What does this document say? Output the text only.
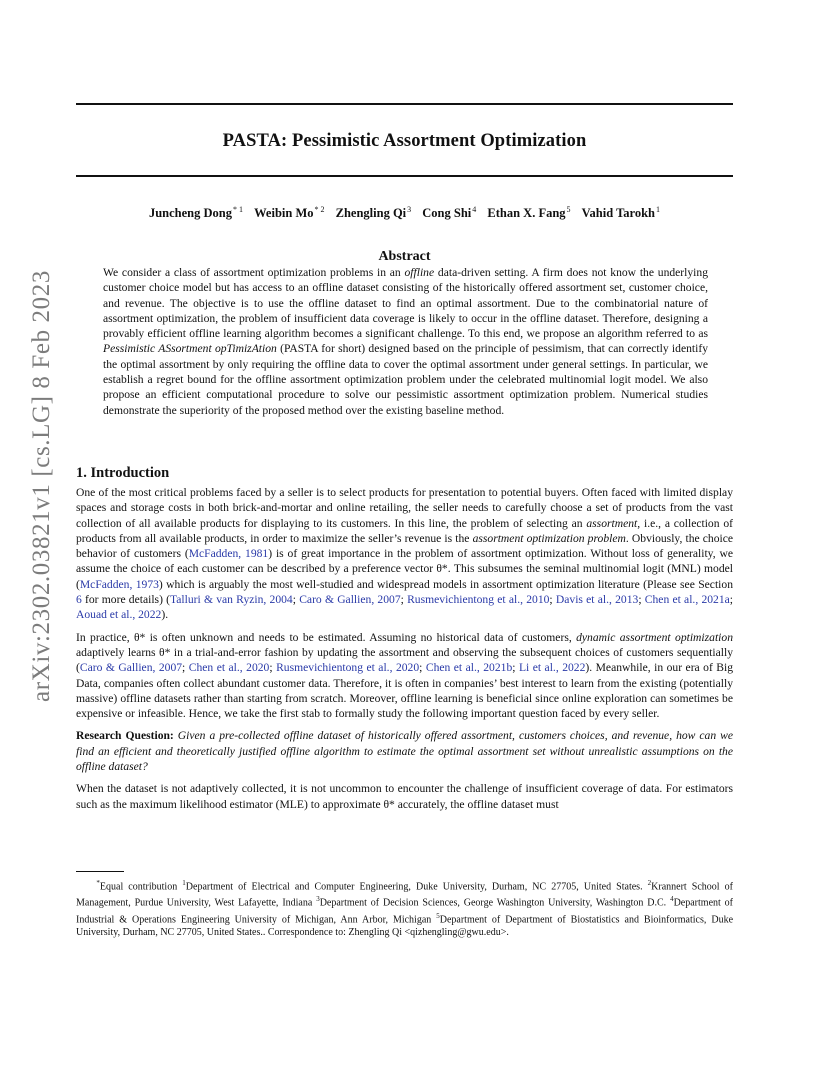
arXiv:2302.03821v1 [cs.LG] 8 Feb 2023
PASTA: Pessimistic Assortment Optimization
Juncheng Dong$^{* 1}$ Weibin Mo$^{* 2}$ Zhengling Qi$^3$ Cong Shi$^4$ Ethan X. Fang$^5$ Vahid Tarokh$^1$
Abstract

We consider a class of assortment optimization problems in an offline data-driven setting. A firm does not know the underlying customer choice model but has access to an offline dataset consisting of the historically offered assortment set, customer choice, and revenue. The objective is to use the offline dataset to find an optimal assortment. Due to the combinatorial nature of assortment optimization, the problem of insufficient data coverage is likely to occur in the offline dataset. Therefore, designing a provably efficient offline learning algorithm becomes a significant challenge. To this end, we propose an algorithm referred to as Pessimistic ASsortment opTimizAtion (PASTA for short) designed based on the principle of pessimism, that can correctly identify the optimal assortment by only requiring the offline data to cover the optimal assortment under general settings. In particular, we establish a regret bound for the offline assortment optimization problem under the celebrated multinomial logit model. We also propose an efficient computational procedure to solve our pessimistic assortment optimization problem. Numerical studies demonstrate the superiority of the proposed method over the existing baseline method.

1. Introduction

One of the most critical problems faced by a seller is to select products for presentation to potential buyers. Often faced with limited display spaces and storage costs in both brick-and-mortar and online retailing, the seller needs to carefully choose a set of products from the vast collection of all available products for displaying to its customers. In this line, the problem of selecting an assortment, i.e., a collection of products from all available products, in order to maximize the seller’s revenue is the assortment optimization problem. Obviously, the choice behavior of customers (McFadden, 1981) is of great importance in the problem of assortment optimization. Without loss of generality, we assume the choice of each customer can be described by a preference vector θ*. This subsumes the seminal multinomial logit (MNL) model (McFadden, 1973) which is arguably the most well-studied and widespread models in assortment optimization literature (Please see Section 6 for more details) (Talluri & van Ryzin, 2004; Caro & Gallien, 2007; Rusmevichientong et al., 2010; Davis et al., 2013; Chen et al., 2021a; Aouad et al., 2022).

In practice, θ* is often unknown and needs to be estimated. Assuming no historical data of customers, dynamic assortment optimization adaptively learns θ* in a trial-and-error fashion by updating the assortment and observing the subsequent choices of customers sequentially (Caro & Gallien, 2007; Chen et al., 2020; Rusmevichientong et al., 2020; Chen et al., 2021b; Li et al., 2022). Meanwhile, in our era of Big Data, companies often collect abundant customer data. Therefore, it is often in companies’ best interest to learn from the existing (potentially massive) offline datasets rather than starting from scratch. Moreover, offline learning is beneficial since online exploration can sometimes be expensive or infeasible. Hence, we take the first stab to formally study the following important question faced by every seller.

Research Question: Given a pre-collected offline dataset of historically offered assortment, customers choices, and revenue, how can we find an efficient and theoretically justified offline algorithm to estimate the optimal assortment set without unrealistic assumptions on the offline dataset?

When the dataset is not adaptively collected, it is not uncommon to encounter the challenge of insufficient coverage of data. For estimators such as the maximum likelihood estimator (MLE) to approximate θ* accurately, the offline dataset must

*Equal contribution $^1$Department of Electrical and Computer Engineering, Duke University, Durham, NC 27705, United States. $^2$Krannert School of Management, Purdue University, West Lafayette, Indiana $^3$Department of Decision Sciences, George Washington University, Washington D.C. $^4$Department of Industrial & Operations Engineering University of Michigan, Ann Arbor, Michigan $^5$Department of Department of Biostatistics and Bioinformatics, Duke University, Durham, NC 27705, United States.. Correspondence to: Zhengling Qi <qizhengling@gwu.edu>.
